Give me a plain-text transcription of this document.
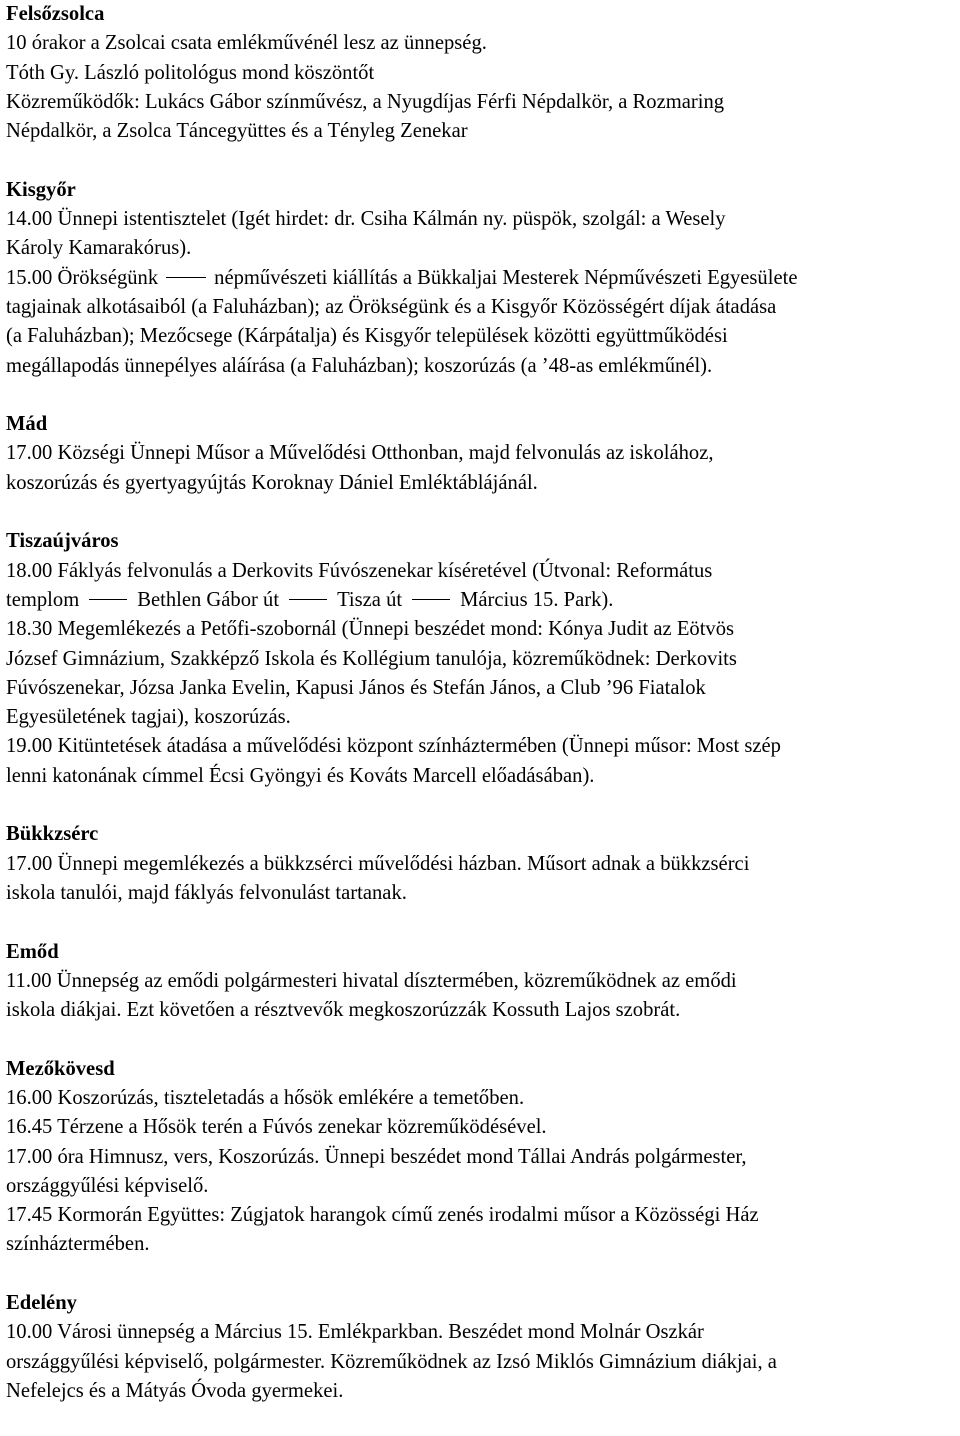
Felsőzsolca
10 órakor a Zsolcai csata emlékművénél lesz az ünnepség.
Tóth Gy. László politológus mond köszöntőt
Közreműködők: Lukács Gábor színművész, a Nyugdíjas Férfi Népdalkör, a Rozmaring
Népdalkör, a Zsolca Táncegyüttes és a Tényleg Zenekar
Kisgyőr
14.00 Ünnepi istentisztelet (Igét hirdet: dr. Csiha Kálmán ny. püspök, szolgál: a Wesely
Károly Kamarakórus).
15.00 Örökségünk	népművészeti kiállítás a Bükkaljai Mesterek Népművészeti Egyesülete
tagjainak alkotásaiból (a Faluházban); az Örökségünk és a Kisgyőr Közösségért díjak átadása
(a Faluházban); Mezőcsege (Kárpátalja) és Kisgyőr települések közötti együttműködési
megállapodás ünnepélyes aláírása (a Faluházban); koszorúzás (a ’48-as emlékműnél).
Mád
17.00 Községi Ünnepi Műsor a Művelődési Otthonban, majd felvonulás az iskolához,
koszorúzás és gyertyagyújtás Koroknay Dániel Emléktáblájánál.
Tiszaújváros
18.00 Fáklyás felvonulás a Derkovits Fúvószenekar kíséretével (Útvonal: Református
templom	Bethlen Gábor út	Tisza út	Március 15. Park).
18.30 Megemlékezés a Petőfi-szobornál (Ünnepi beszédet mond: Kónya Judit az Eötvös
József Gimnázium, Szakképző Iskola és Kollégium tanulója, közreműködnek: Derkovits
Fúvószenekar, Józsa Janka Evelin, Kapusi János és Stefán János, a Club ’96 Fiatalok
Egyesületének tagjai), koszorúzás.
19.00 Kitüntetések átadása a művelődési központ színháztermében (Ünnepi műsor: Most szép
lenni katonának címmel Écsi Gyöngyi és Kováts Marcell előadásában).
Bükkzsérc
17.00 Ünnepi megemlékezés a bükkzsérci művelődési házban. Műsort adnak a bükkzsérci
iskola tanulói, majd fáklyás felvonulást tartanak.
Emőd
11.00 Ünnepség az emődi polgármesteri hivatal dísztermében, közreműködnek az emődi
iskola diákjai. Ezt követően a résztvevők megkoszorúzzák Kossuth Lajos szobrát.
Mezőkövesd
16.00 Koszorúzás, tiszteletadás a hősök emlékére a temetőben.
16.45 Térzene a Hősök terén a Fúvós zenekar közreműködésével.
17.00 óra Himnusz, vers, Koszorúzás. Ünnepi beszédet mond Tállai András polgármester,
országgyűlési képviselő.
17.45 Kormorán Együttes: Zúgjatok harangok című zenés irodalmi műsor a Közösségi Ház
színháztermében.
Edelény
10.00 Városi ünnepség a Március 15. Emlékparkban. Beszédet mond Molnár Oszkár
országgyűlési képviselő, polgármester. Közreműködnek az Izsó Miklós Gimnázium diákjai, a
Nefelejcs és a Mátyás Óvoda gyermekei.
